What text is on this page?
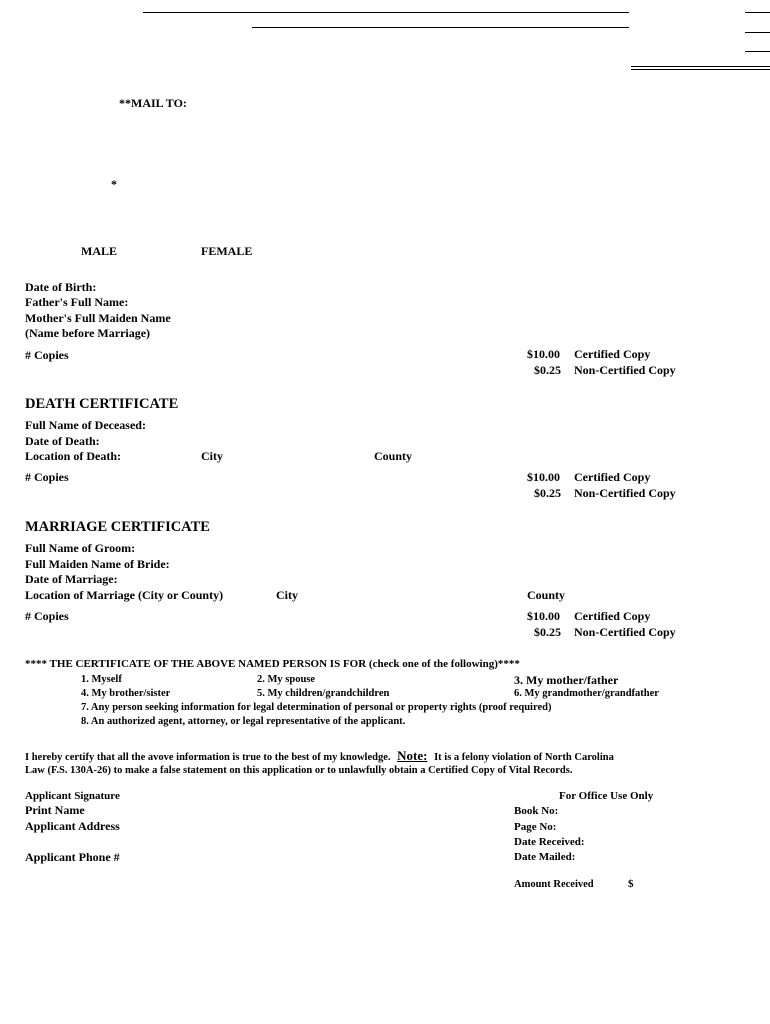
**MAIL TO:
*
MALE	FEMALE
Date of Birth:
Father's Full Name:
Mother's Full Maiden Name
(Name before Marriage)
# Copies	$10.00 Certified Copy
$0.25 Non-Certified Copy
DEATH CERTIFICATE
Full Name of Deceased:
Date of Death:
Location of Death:	City	County
# Copies	$10.00 Certified Copy
$0.25 Non-Certified Copy
MARRIAGE CERTIFICATE
Full Name of Groom:
Full Maiden Name of Bride:
Date of Marriage:
Location of Marriage (City or County)	City	County
# Copies	$10.00 Certified Copy
$0.25 Non-Certified Copy
**** THE CERTIFICATE OF THE ABOVE NAMED PERSON IS FOR (check one of the following)****
1. Myself	2. My spouse	3. My mother/father
4. My brother/sister	5. My children/grandchildren	6. My grandmother/grandfather
7. Any person seeking information for legal determination of personal or property rights (proof required)
8. An authorized agent, attorney, or legal representative of the applicant.
I hereby certify that all the avove information is true to the best of my knowledge. Note: It is a felony violation of North Carolina
Law (F.S. 130A-26) to make a false statement on this application or to unlawfully obtain a Certified Copy of Vital Records.
Applicant Signature
Print Name
Applicant Address
Applicant Phone #
For Office Use Only
Book No:
Page No:
Date Received:
Date Mailed:
Amount Received	$
